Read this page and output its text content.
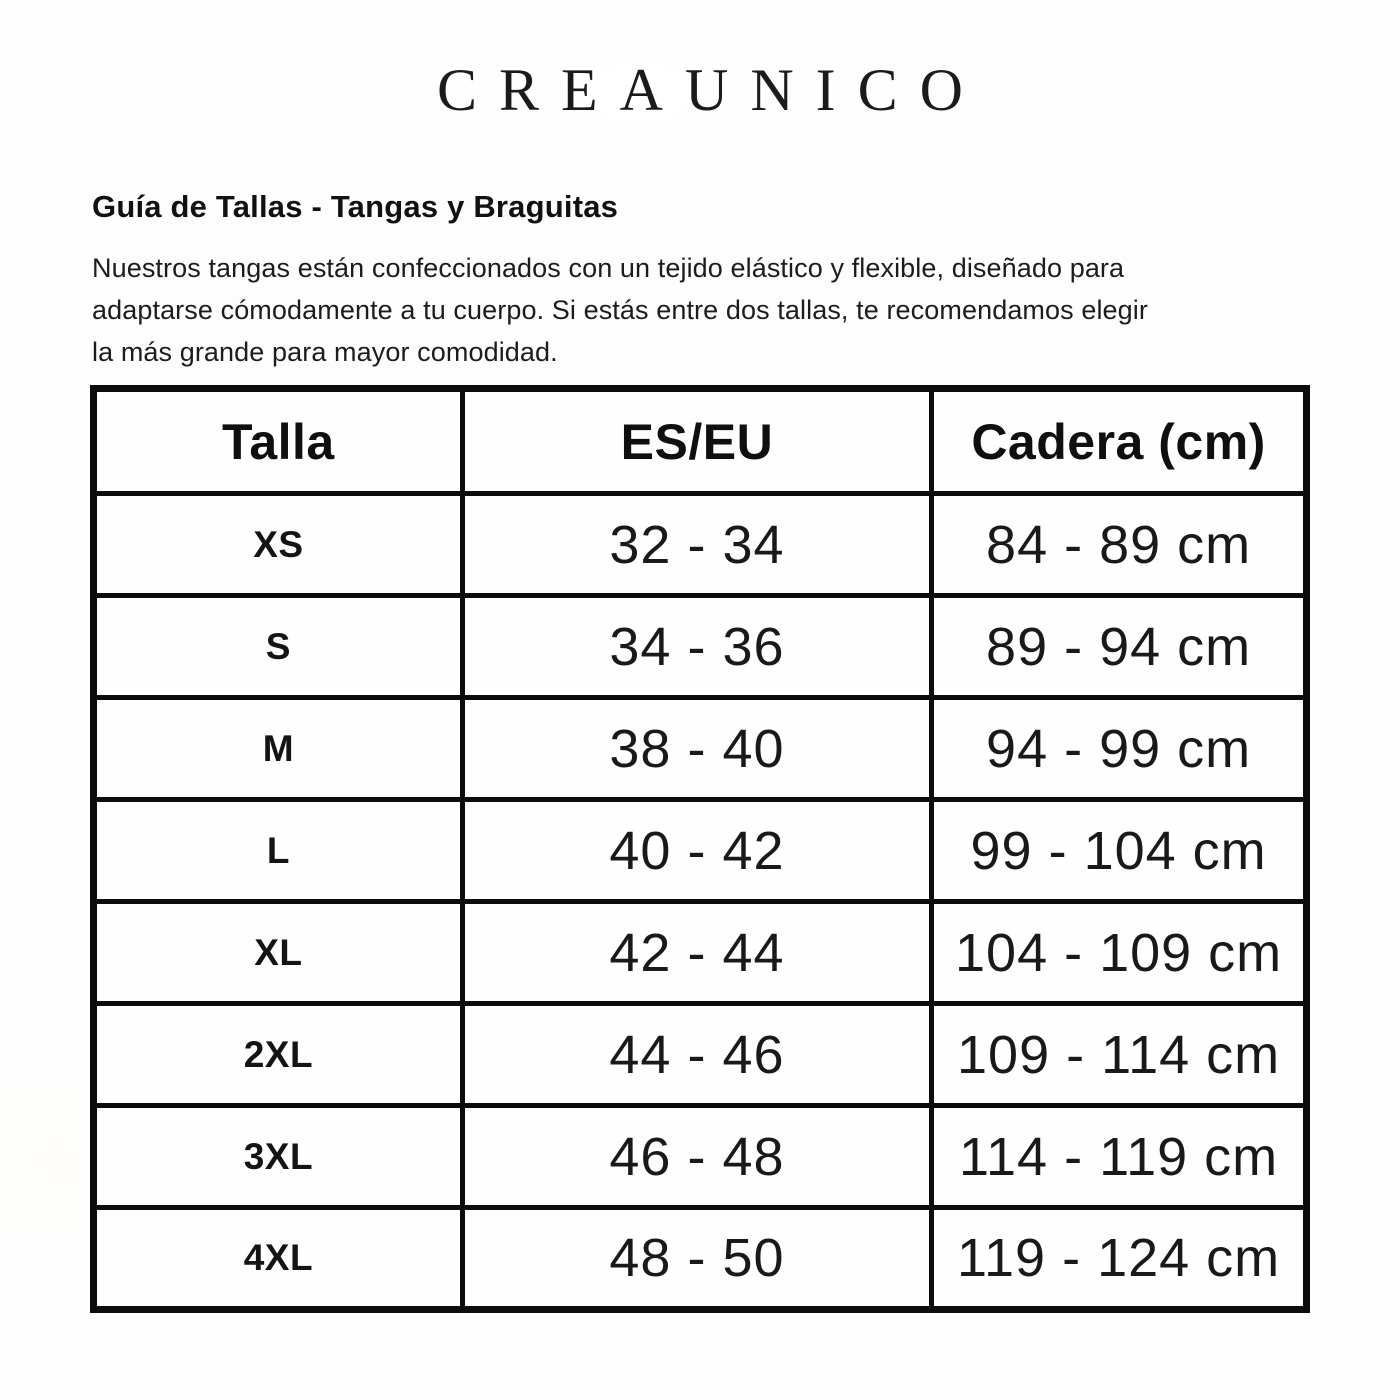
CREAUNICO
Guía de Tallas - Tangas y Braguitas
Nuestros tangas están confeccionados con un tejido elástico y flexible, diseñado para
adaptarse cómodamente a tu cuerpo. Si estás entre dos tallas, te recomendamos elegir
la más grande para mayor comodidad.
Talla	ES/EU	Cadera (cm)
XS	32 - 34	84 - 89 cm
S	34 - 36	89 - 94 cm
M	38 - 40	94 - 99 cm
L	40 - 42	99 - 104 cm
XL	42 - 44	104 - 109 cm
2XL	44 - 46	109 - 114 cm
3XL	46 - 48	114 - 119 cm
4XL	48 - 50	119 - 124 cm
